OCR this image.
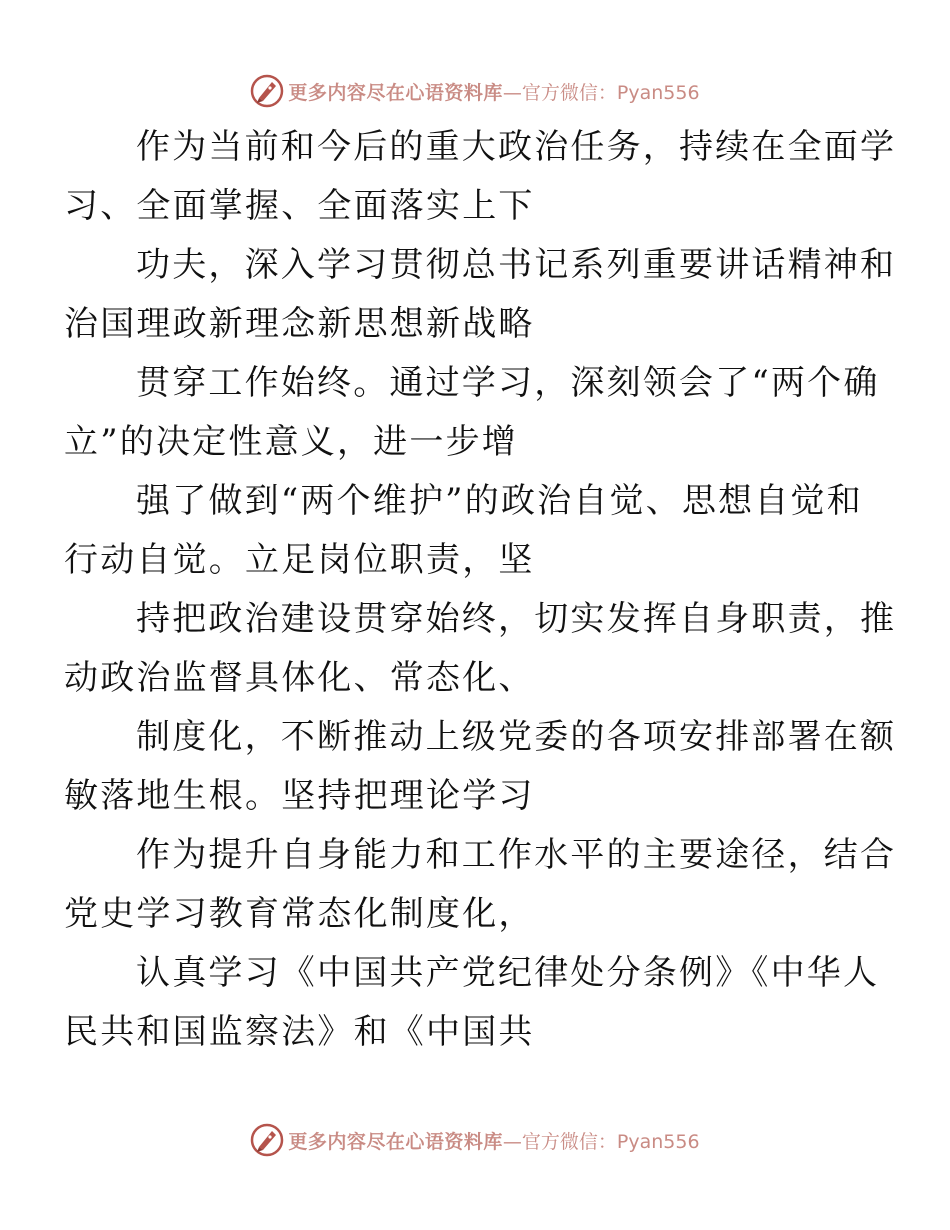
更多内容尽在心语资料库 —官方微信：Pyan556

作为当前和今后的重大政治任务，持续在全面学
习、全面掌握、全面落实上下

功夫，深入学习贯彻总书记系列重要讲话精神和
治国理政新理念新思想新战略

贯穿工作始终。通过学习，深刻领会了“两个确
立”的决定性意义，进一步增

强了做到“两个维护”的政治自觉、思想自觉和
行动自觉。立足岗位职责，坚

持把政治建设贯穿始终，切实发挥自身职责，推
动政治监督具体化、常态化、

制度化，不断推动上级党委的各项安排部署在额
敏落地生根。坚持把理论学习

作为提升自身能力和工作水平的主要途径，结合
党史学习教育常态化制度化，

认真学习《中国共产党纪律处分条例》《中华人
民共和国监察法》和《中国共

更多内容尽在心语资料库 —官方微信：Pyan556
